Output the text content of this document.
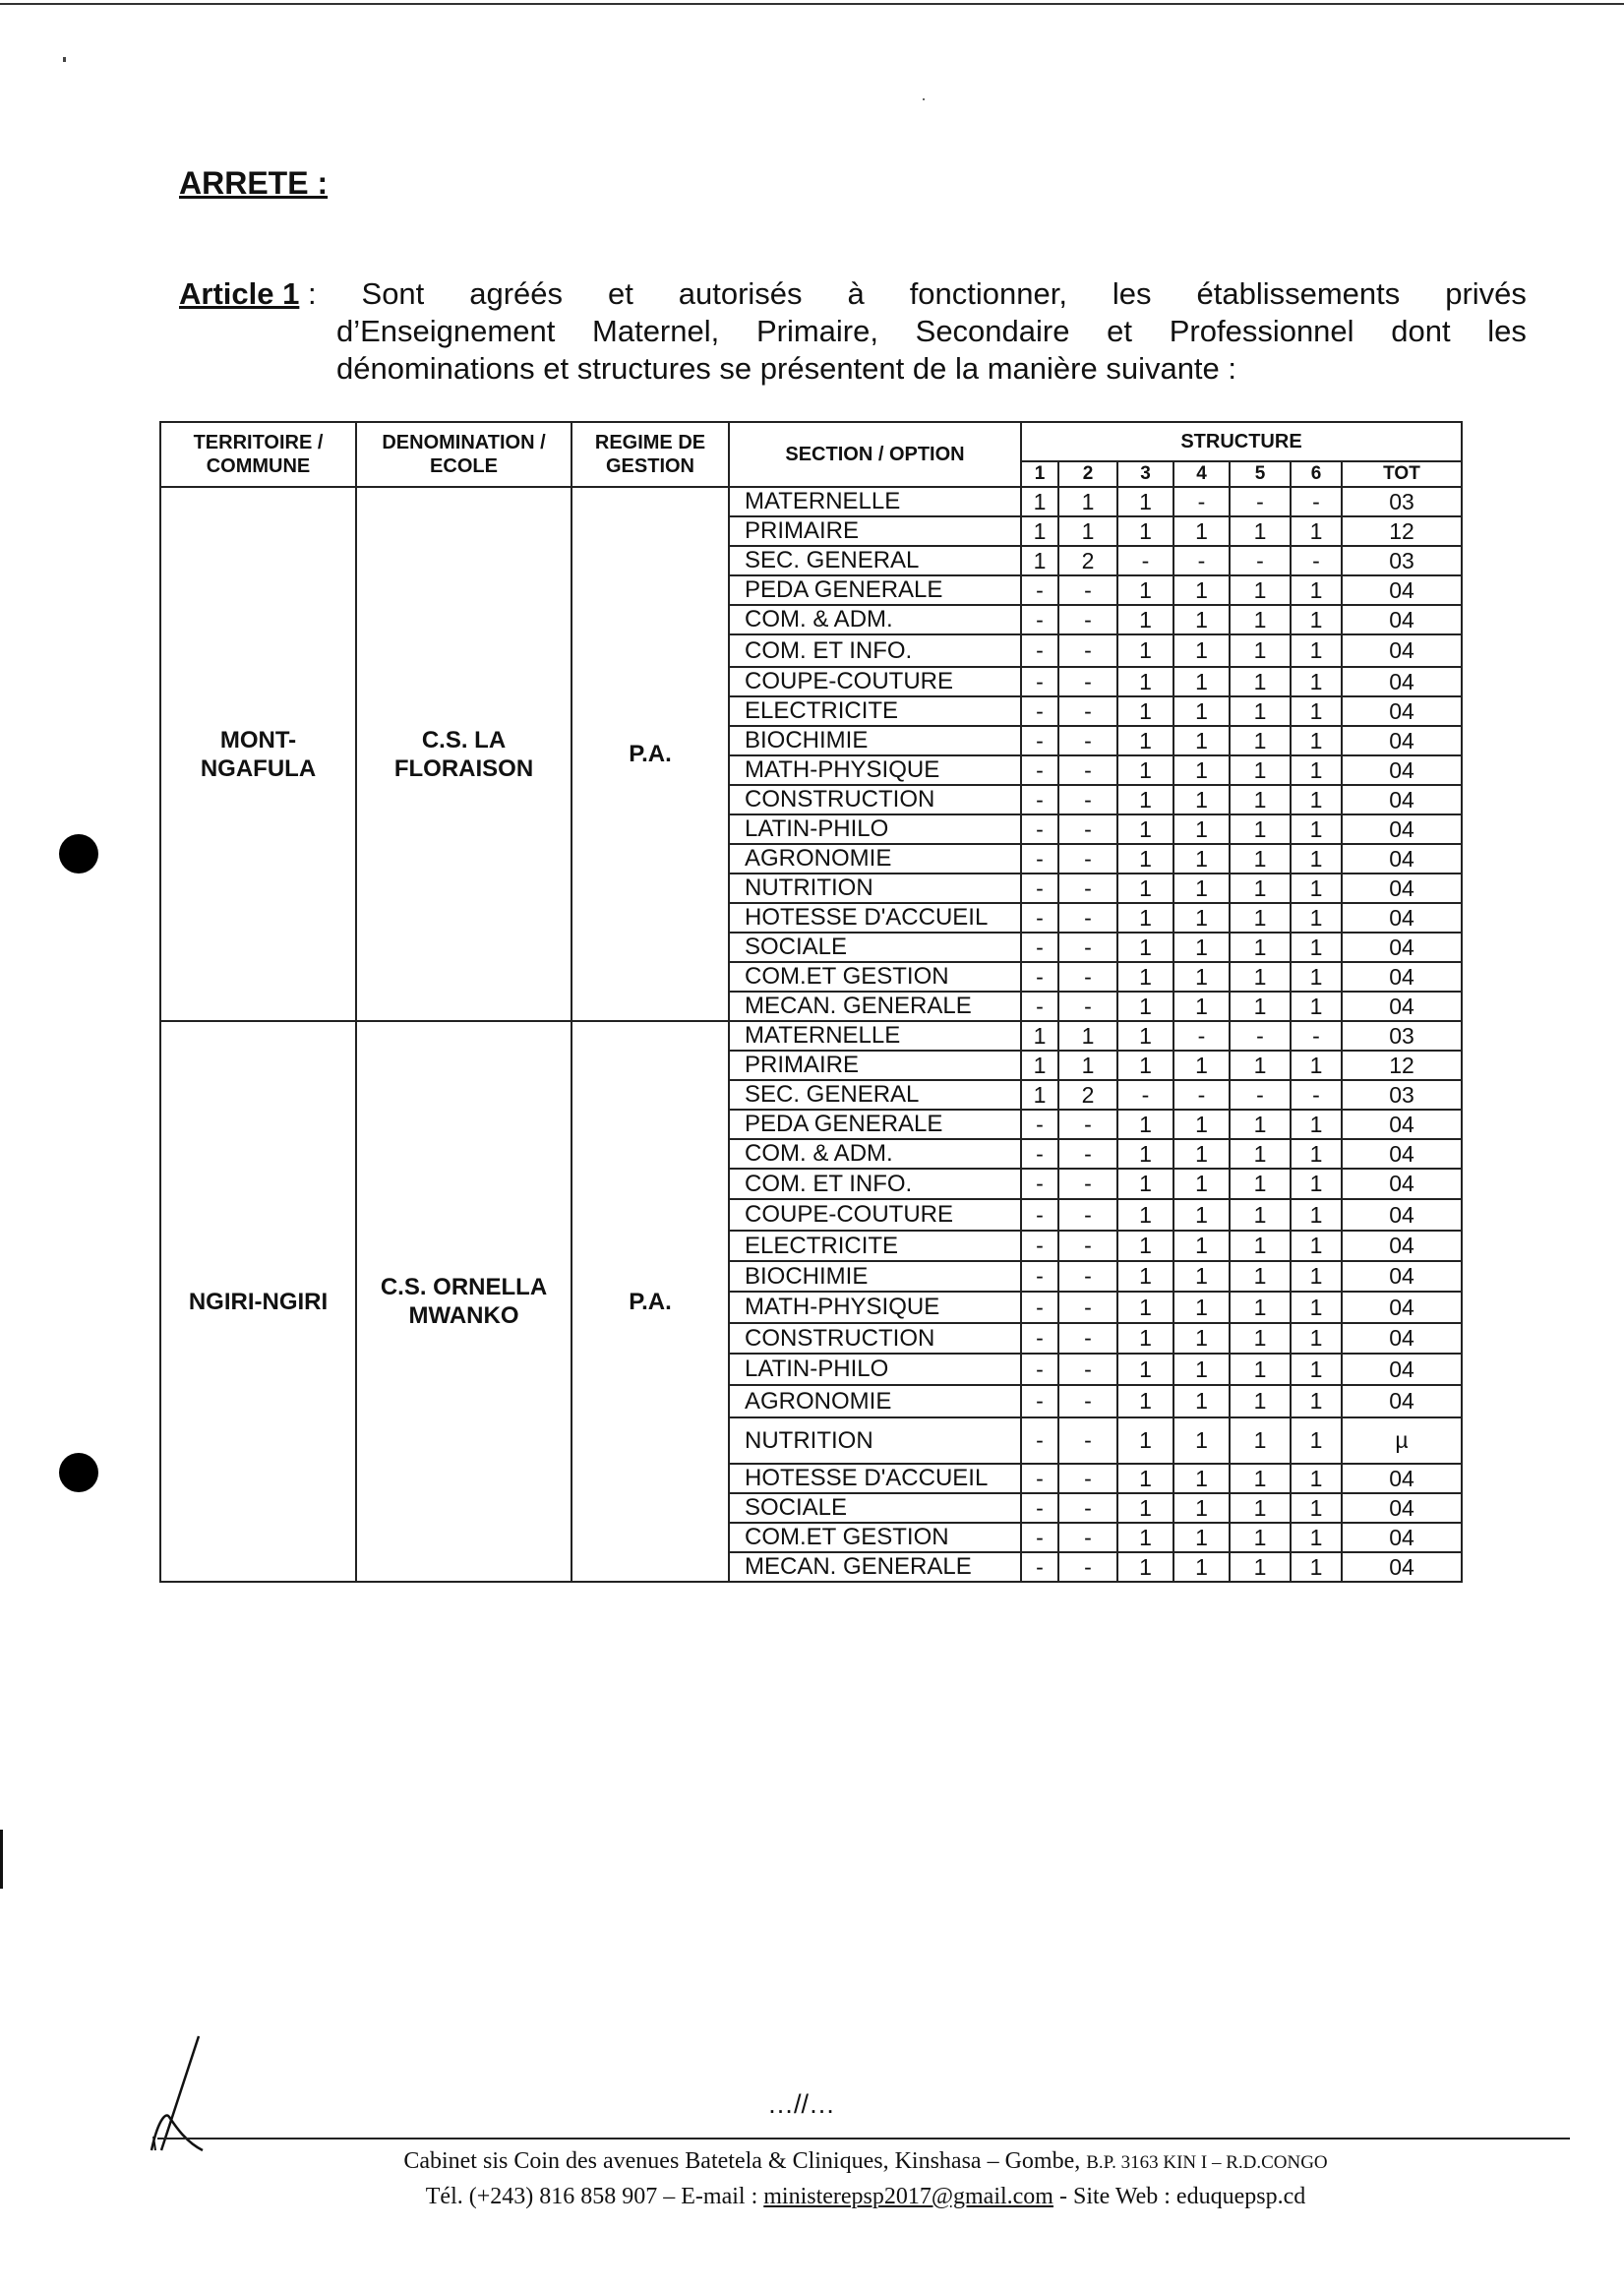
ARRETE :
Article 1 : Sont agréés et autorisés à fonctionner, les établissements privés
d’Enseignement Maternel, Primaire, Secondaire et Professionnel dont les
dénominations et structures se présentent de la manière suivante :
TERRITOIRE / COMMUNE	DENOMINATION / ECOLE	REGIME DE GESTION	SECTION / OPTION	STRUCTURE						
				1	2	3	4	5	6	TOT
MONT-
NGAFULA	C.S. LA
FLORAISON	P.A.	MATERNELLE	1	1	1	-	-	-	03
			PRIMAIRE	1	1	1	1	1	1	12
			SEC. GENERAL	1	2	-	-	-	-	03
			PEDA GENERALE	-	-	1	1	1	1	04
			COM. & ADM.	-	-	1	1	1	1	04
			COM. ET INFO.	-	-	1	1	1	1	04
			COUPE-COUTURE	-	-	1	1	1	1	04
			ELECTRICITE	-	-	1	1	1	1	04
			BIOCHIMIE	-	-	1	1	1	1	04
			MATH-PHYSIQUE	-	-	1	1	1	1	04
			CONSTRUCTION	-	-	1	1	1	1	04
			LATIN-PHILO	-	-	1	1	1	1	04
			AGRONOMIE	-	-	1	1	1	1	04
			NUTRITION	-	-	1	1	1	1	04
			HOTESSE D'ACCUEIL	-	-	1	1	1	1	04
			SOCIALE	-	-	1	1	1	1	04
			COM.ET GESTION	-	-	1	1	1	1	04
			MECAN. GENERALE	-	-	1	1	1	1	04
NGIRI-NGIRI	C.S. ORNELLA
MWANKO	P.A.	MATERNELLE	1	1	1	-	-	-	03
			PRIMAIRE	1	1	1	1	1	1	12
			SEC. GENERAL	1	2	-	-	-	-	03
			PEDA GENERALE	-	-	1	1	1	1	04
			COM. & ADM.	-	-	1	1	1	1	04
			COM. ET INFO.	-	-	1	1	1	1	04
			COUPE-COUTURE	-	-	1	1	1	1	04
			ELECTRICITE	-	-	1	1	1	1	04
			BIOCHIMIE	-	-	1	1	1	1	04
			MATH-PHYSIQUE	-	-	1	1	1	1	04
			CONSTRUCTION	-	-	1	1	1	1	04
			LATIN-PHILO	-	-	1	1	1	1	04
			AGRONOMIE	-	-	1	1	1	1	04
			NUTRITION	-	-	1	1	1	1	µ
			HOTESSE D'ACCUEIL	-	-	1	1	1	1	04
			SOCIALE	-	-	1	1	1	1	04
			COM.ET GESTION	-	-	1	1	1	1	04
			MECAN. GENERALE	-	-	1	1	1	1	04
…//…
Cabinet sis Coin des avenues Batetela & Cliniques, Kinshasa – Gombe, B.P. 3163 KIN I – R.D.CONGO
Tél. (+243) 816 858 907 – E-mail : ministerepsp2017@gmail.com - Site Web : eduquepsp.cd
